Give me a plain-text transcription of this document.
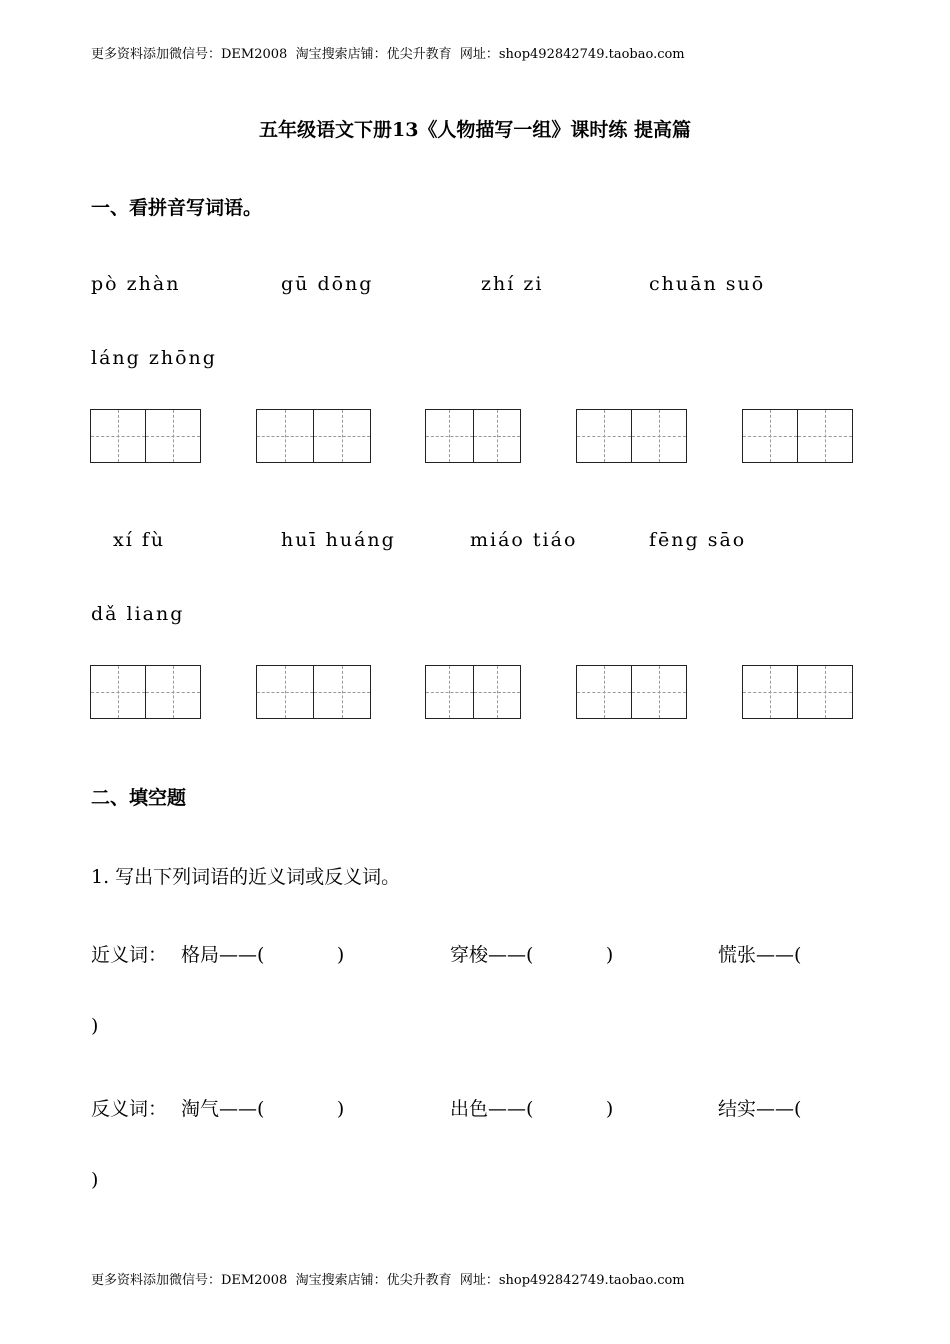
更多资料添加微信号：DEM2008  淘宝搜索店铺：优尖升教育  网址：shop492842749.taobao.com
五年级语文下册13《人物描写一组》课时练 提高篇
一、看拼音写词语。
pò zhàn	gū dōng	zhí zi	chuān suō
láng zhōng
xí fù	huī huáng	miáo tiáo	fēng sāo
dǎ liang
二、填空题
1. 写出下列词语的近义词或反义词。
近义词： 格局——(            )	穿梭——(            )	慌张——(
)
反义词： 淘气——(            )	出色——(            )	结实——(
)
更多资料添加微信号：DEM2008  淘宝搜索店铺：优尖升教育  网址：shop492842749.taobao.com
